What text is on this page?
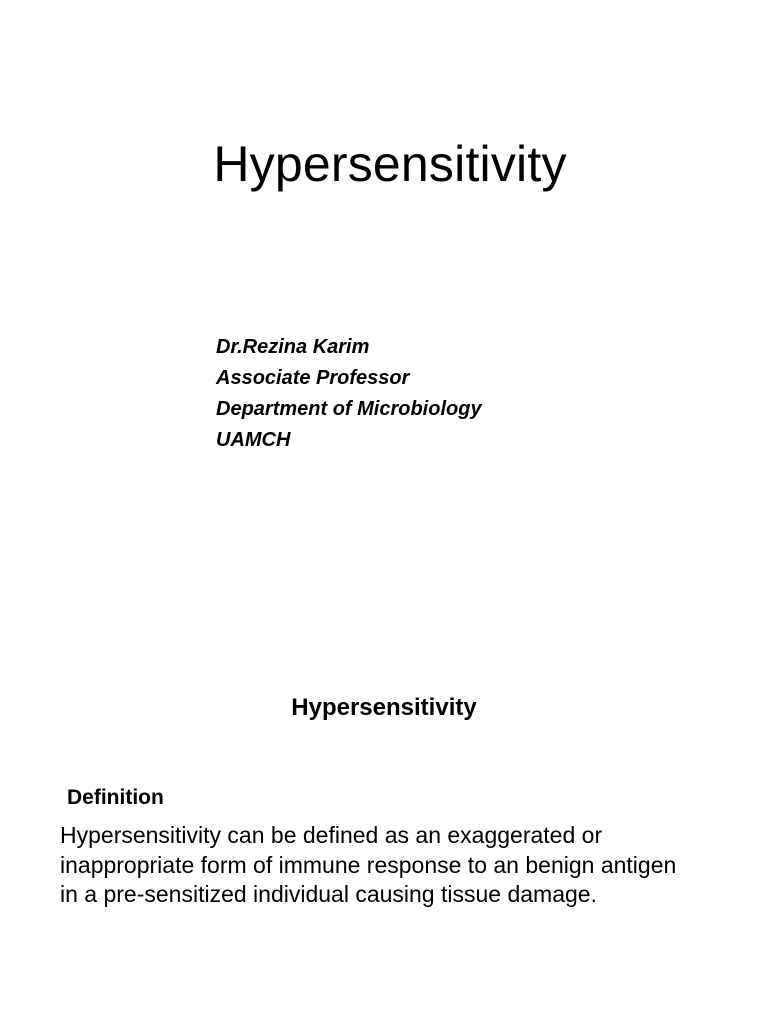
Hypersensitivity
Dr.Rezina Karim
Associate Professor
Department of Microbiology
UAMCH
Hypersensitivity
Definition

Hypersensitivity can be defined as an exaggerated or inappropriate form of immune response to an benign antigen in a pre-sensitized individual causing tissue damage.
